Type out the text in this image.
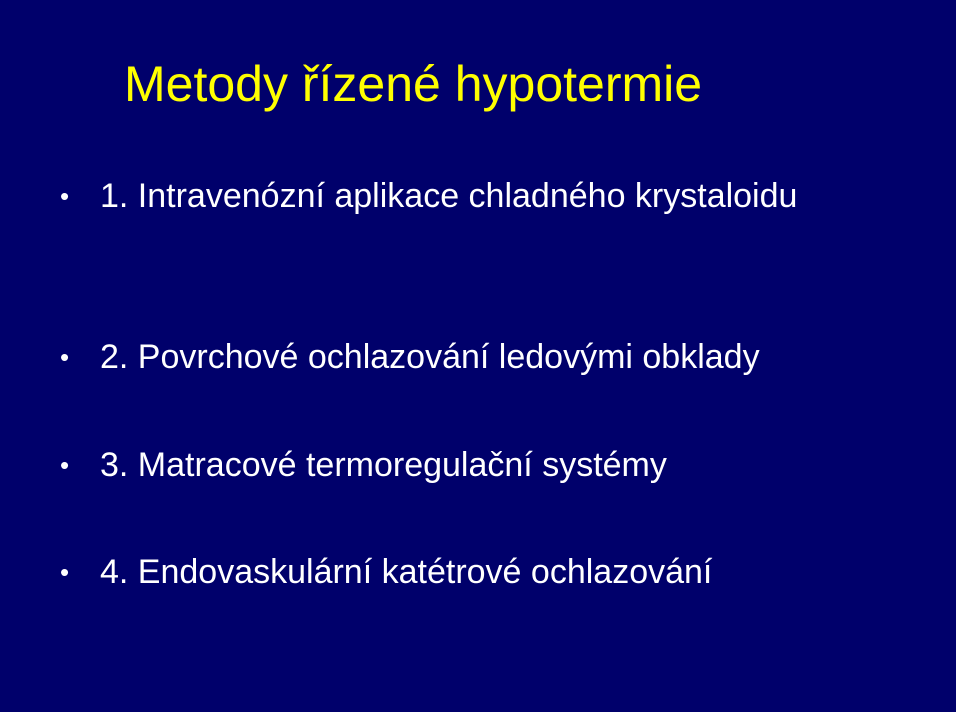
Metody řízené hypotermie
• 1. Intravenózní aplikace chladného krystaloidu
• 2. Povrchové ochlazování ledovými obklady
• 3. Matracové termoregulační systémy
• 4. Endovaskulární katétrové ochlazování
